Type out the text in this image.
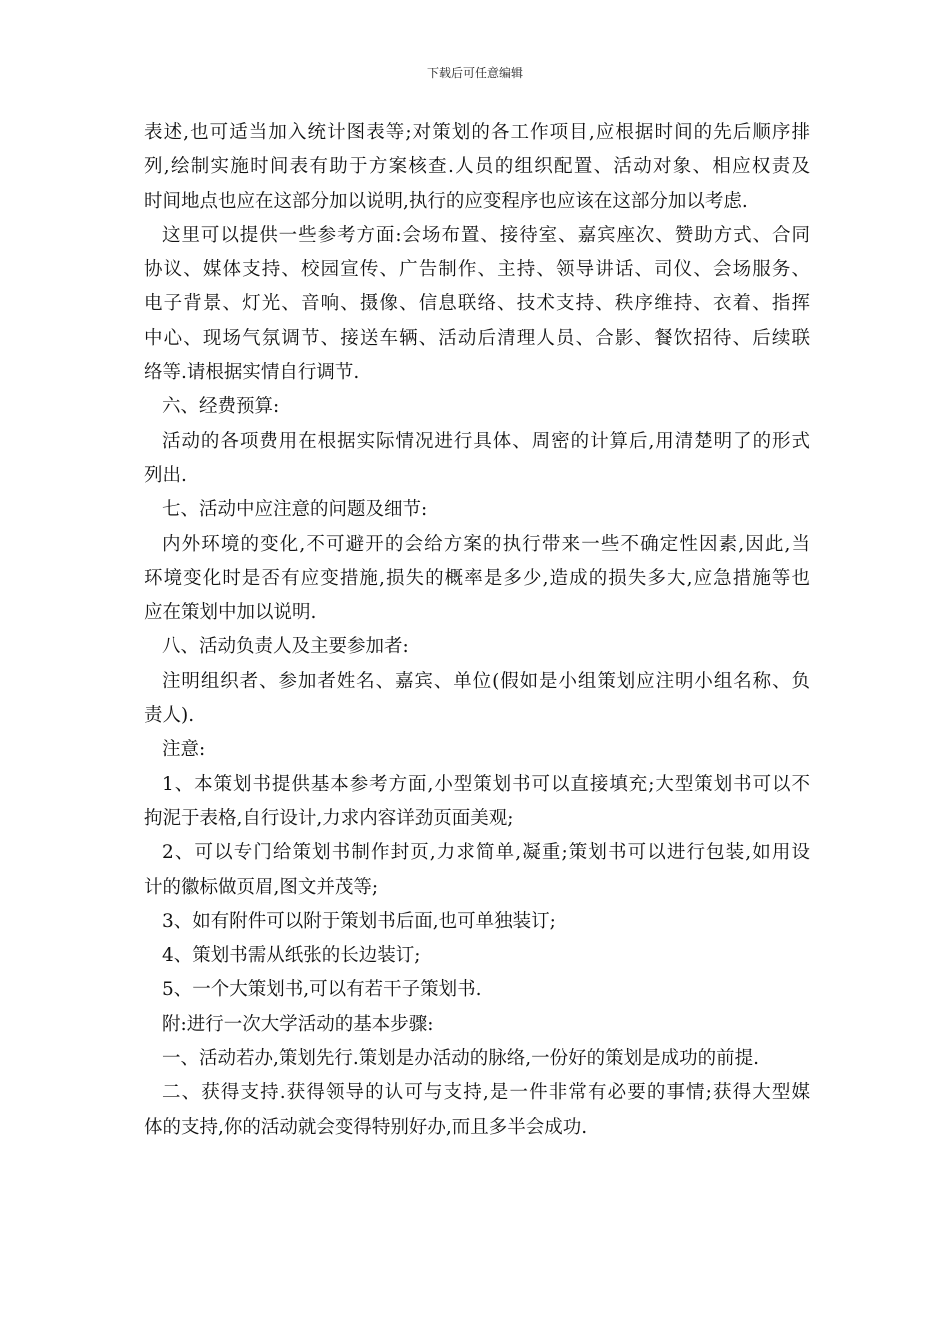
下载后可任意编辑
表述,也可适当加入统计图表等;对策划的各工作项目,应根据时间的先后顺序排
列,绘制实施时间表有助于方案核查.人员的组织配置、活动对象、相应权责及
时间地点也应在这部分加以说明,执行的应变程序也应该在这部分加以考虑.
这里可以提供一些参考方面:会场布置、接待室、嘉宾座次、赞助方式、合同
协议、媒体支持、校园宣传、广告制作、主持、领导讲话、司仪、会场服务、
电子背景、灯光、音响、摄像、信息联络、技术支持、秩序维持、衣着、指挥
中心、现场气氛调节、接送车辆、活动后清理人员、合影、餐饮招待、后续联
络等.请根据实情自行调节.
六、经费预算:
活动的各项费用在根据实际情况进行具体、周密的计算后,用清楚明了的形式
列出.
七、活动中应注意的问题及细节:
内外环境的变化,不可避开的会给方案的执行带来一些不确定性因素,因此,当
环境变化时是否有应变措施,损失的概率是多少,造成的损失多大,应急措施等也
应在策划中加以说明.
八、活动负责人及主要参加者:
注明组织者、参加者姓名、嘉宾、单位(假如是小组策划应注明小组名称、负
责人).
注意:
1、本策划书提供基本参考方面,小型策划书可以直接填充;大型策划书可以不
拘泥于表格,自行设计,力求内容详劲页面美观;
2、可以专门给策划书制作封页,力求简单,凝重;策划书可以进行包装,如用设
计的徽标做页眉,图文并茂等;
3、如有附件可以附于策划书后面,也可单独装订;
4、策划书需从纸张的长边装订;
5、一个大策划书,可以有若干子策划书.
附:进行一次大学活动的基本步骤:
一、活动若办,策划先行.策划是办活动的脉络,一份好的策划是成功的前提.
二、获得支持.获得领导的认可与支持,是一件非常有必要的事情;获得大型媒
体的支持,你的活动就会变得特别好办,而且多半会成功.
